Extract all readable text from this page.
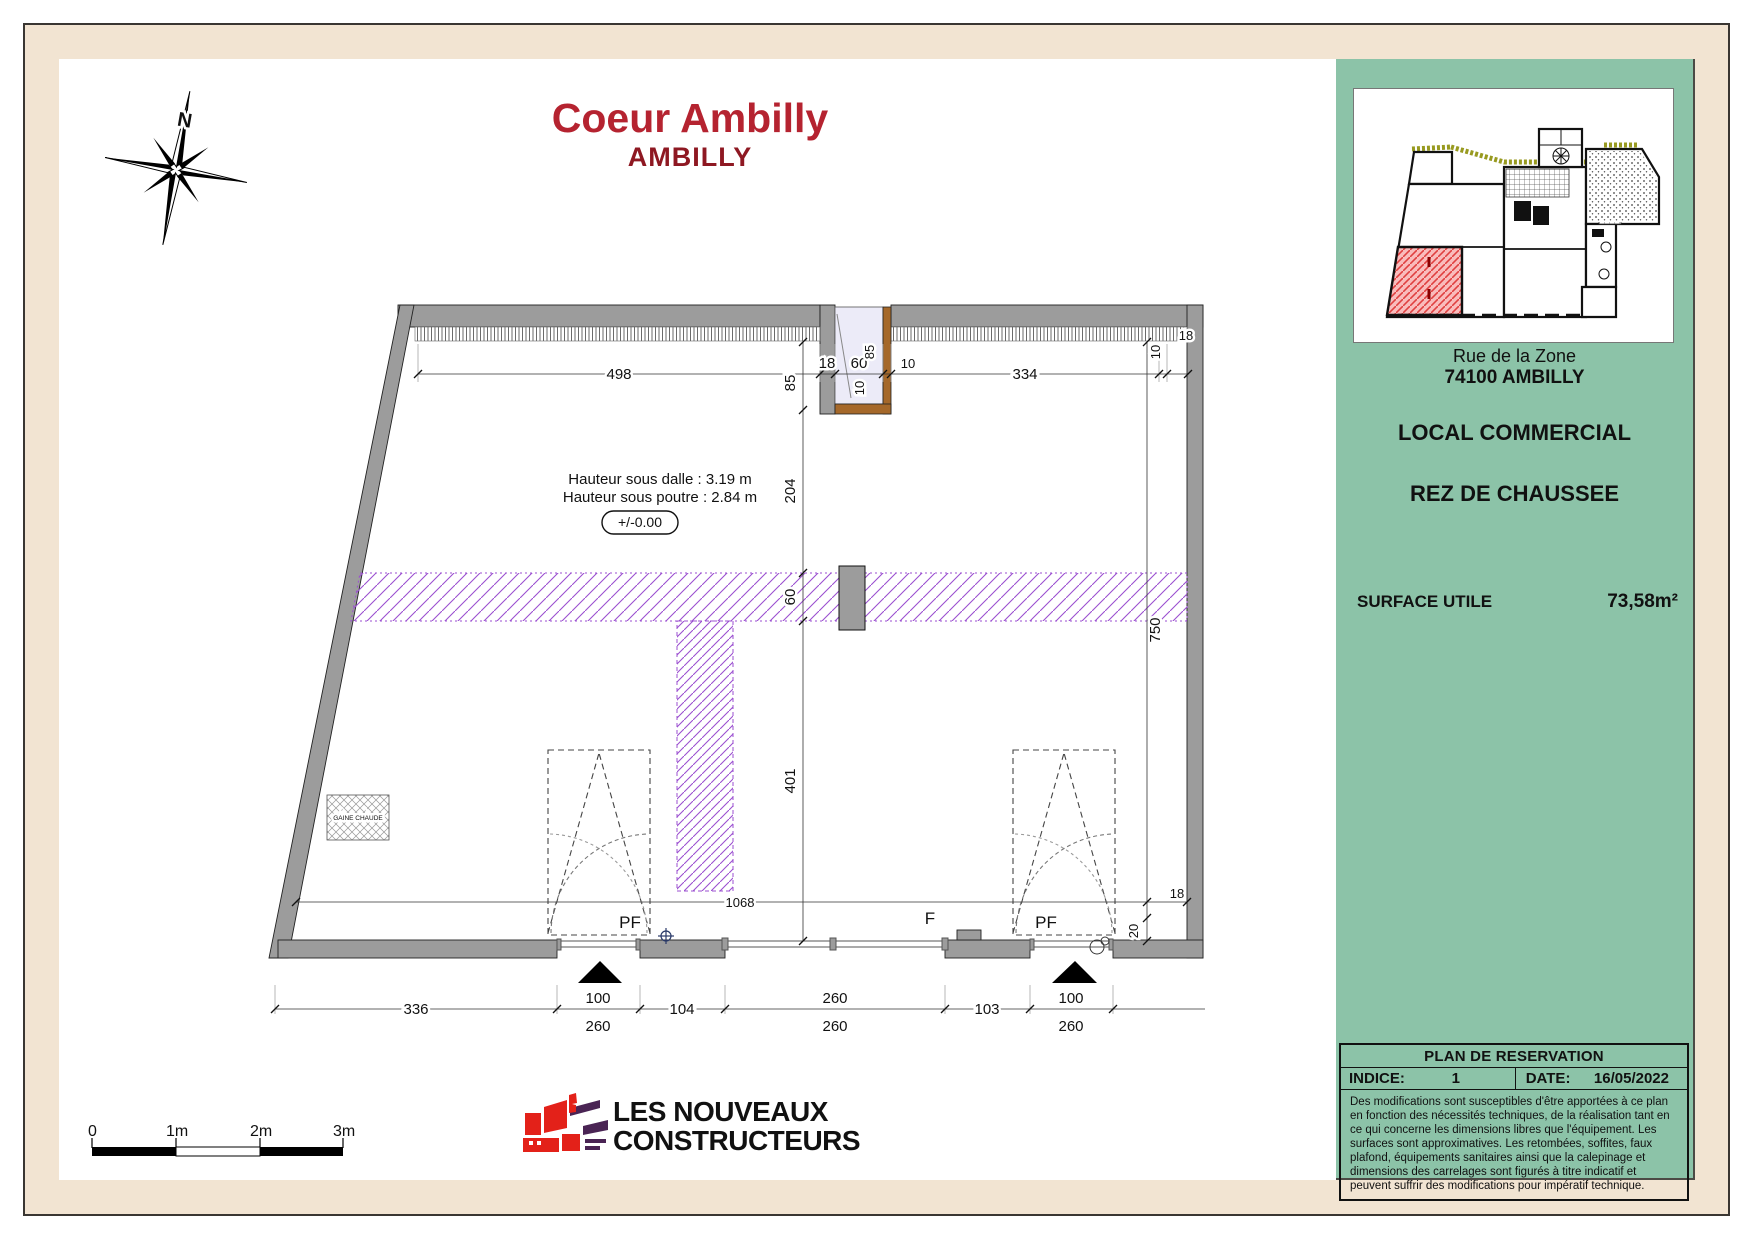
Coeur Ambilly
AMBILLY
N
GAINE CHAUDE
Hauteur sous dalle : 3.19 m
Hauteur sous poutre : 2.84 m
+/-0.00
PF	F	PF
498
18 60	10
334
10
18
85
10
85
204
60
401
750
18
20
1068
336
100
260
104
260
260
103
100
260
0	1m	2m	3m
LES NOUVEAUX
CONSTRUCTEURS
Rue de la Zone
74100 AMBILLY
LOCAL COMMERCIAL
REZ DE CHAUSSEE
SURFACE UTILE	73,58m²
PLAN DE RESERVATION
INDICE:	1	DATE: 16/05/2022
Des modifications sont susceptibles d'être apportées à ce plan en fonction des nécessités techniques, de la réalisation tant en ce qui concerne les dimensions libres que l'équipement. Les surfaces sont approximatives. Les retombées, soffites, faux plafond, équipements sanitaires ainsi que la calepinage et dimensions des carrelages sont figurés à titre indicatif et peuvent suffrir des modifications pour impératif technique.
